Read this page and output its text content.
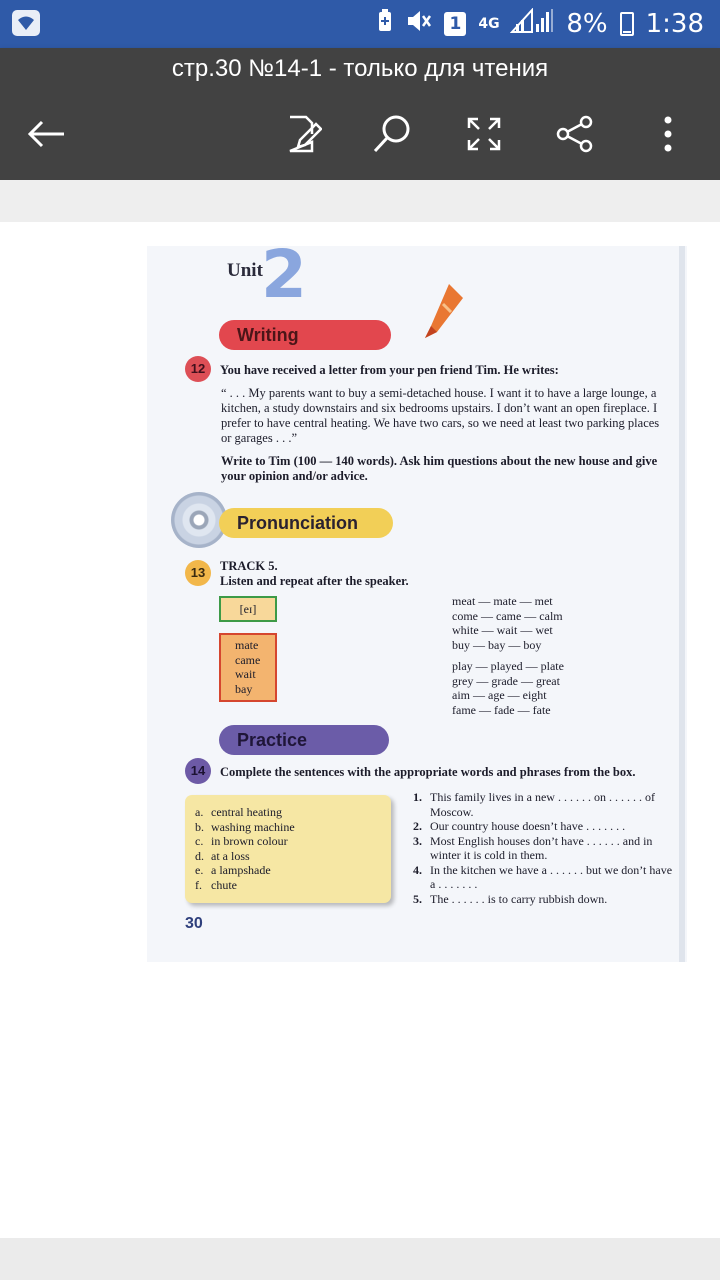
1	4G	8% 1:38
стр.30 №14-1 - только для чтения
Unit
2
Writing
12	You have received a letter from your pen friend Tim. He writes:
“ . . . My parents want to buy a semi-detached house. I want it to have a large lounge, a kitchen, a study downstairs and six bedrooms upstairs. I don’t want an open fireplace. I prefer to have central heating. We have two cars, so we need at least two parking places or garages . . .”
Write to Tim (100 — 140 words). Ask him questions about the new house and give your opinion and/or advice.
Pronunciation
13	TRACK 5.
Listen and repeat after the speaker.
[eɪ]
mate
came
wait
bay
meat — mate — met
come — came — calm
white — wait — wet
buy — bay — boy
play — played — plate
grey — grade — great
aim — age — eight
fame — fade — fate
Practice
14	Complete the sentences with the appropriate words and phrases from the box.
a. central heating
b. washing machine
c. in brown colour
d. at a loss
e. a lampshade
f. chute
1. This family lives in a new . . . . . . on . . . . . . of Moscow.
2. Our country house doesn’t have . . . . . . .
3. Most English houses don’t have . . . . . . and in winter it is cold in them.
4. In the kitchen we have a . . . . . . but we don’t have a . . . . . . .
5. The . . . . . . is to carry rubbish down.
30
